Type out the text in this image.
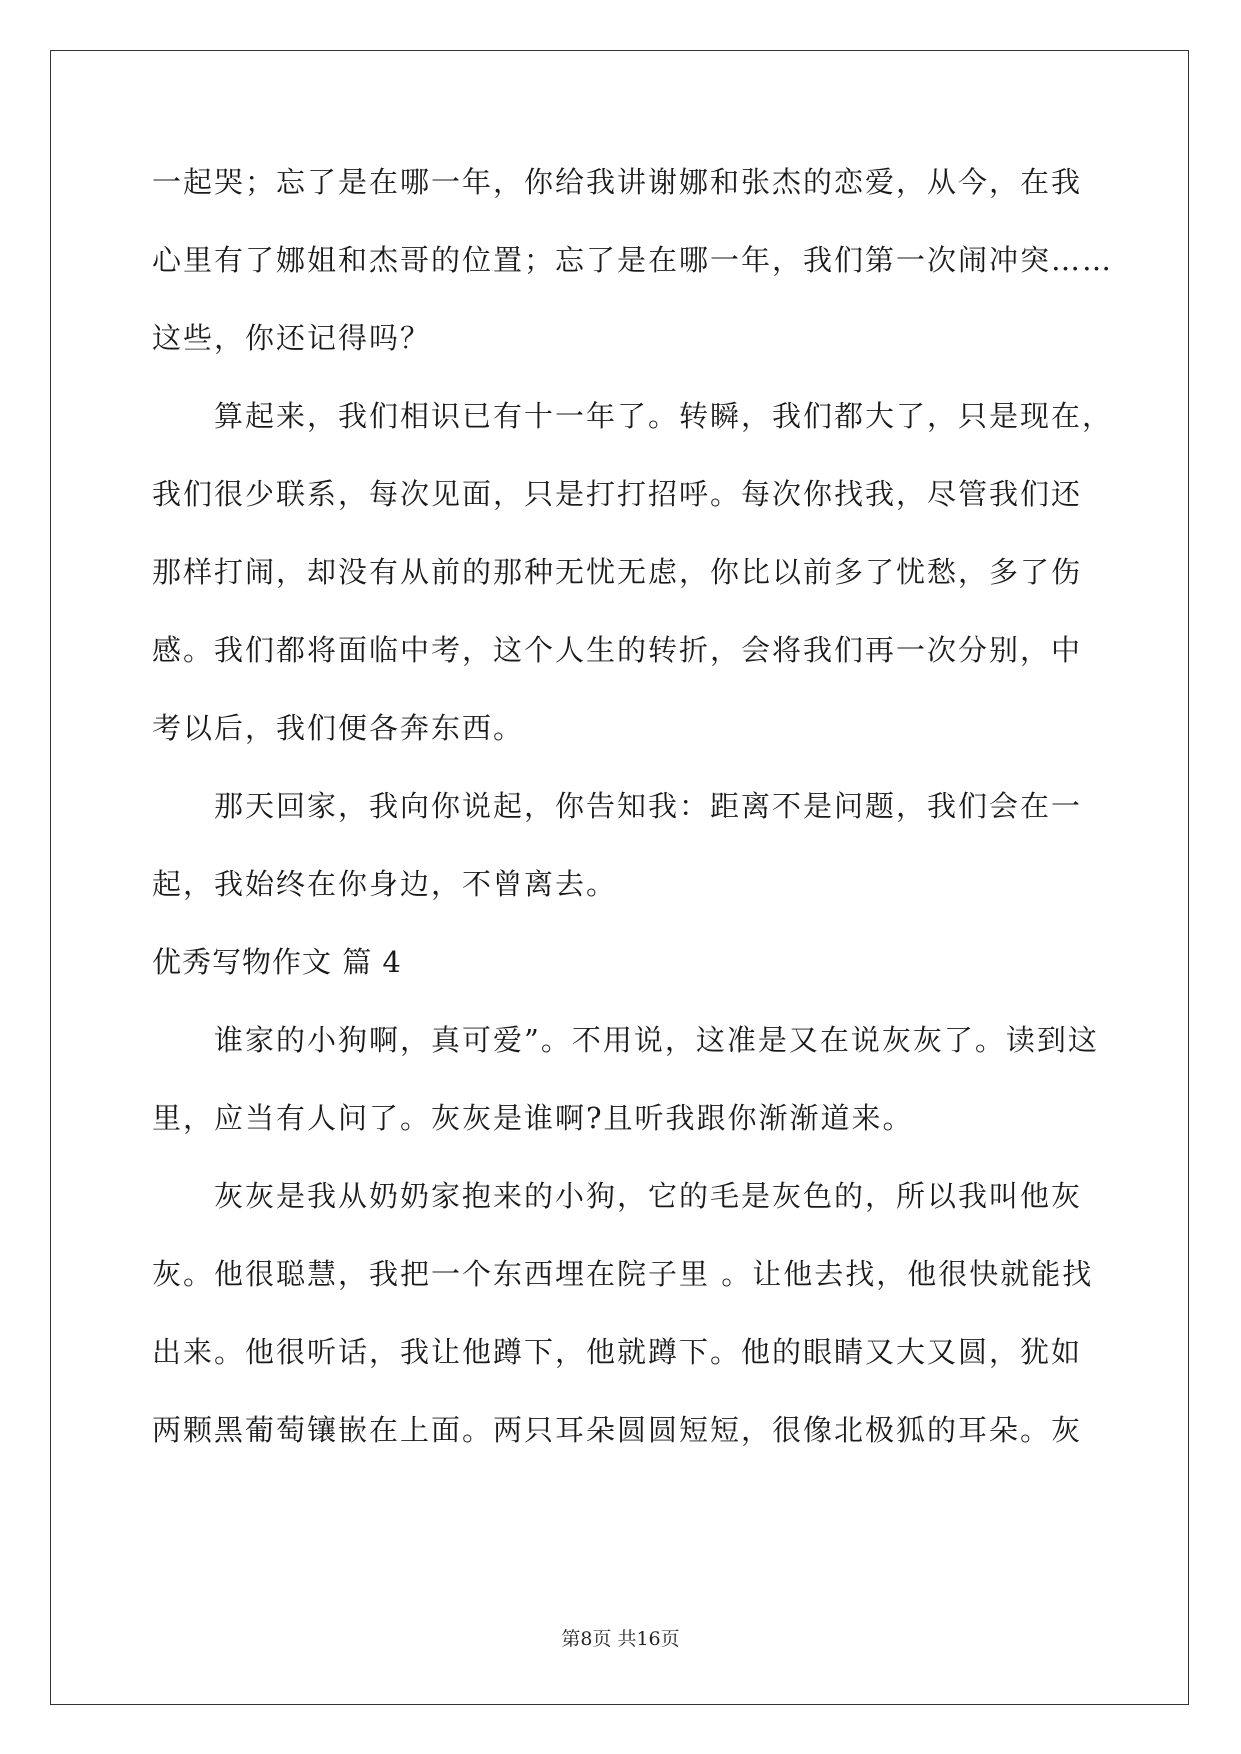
一起哭；忘了是在哪一年，你给我讲谢娜和张杰的恋爱，从今，在我
心里有了娜姐和杰哥的位置；忘了是在哪一年，我们第一次闹冲突……
这些，你还记得吗？
算起来，我们相识已有十一年了。转瞬，我们都大了，只是现在，
我们很少联系，每次见面，只是打打招呼。每次你找我，尽管我们还
那样打闹，却没有从前的那种无忧无虑，你比以前多了忧愁，多了伤
感。我们都将面临中考，这个人生的转折，会将我们再一次分别，中
考以后，我们便各奔东西。
那天回家，我向你说起，你告知我：距离不是问题，我们会在一
起，我始终在你身边，不曾离去。
优秀写物作文 篇 4
谁家的小狗啊，真可爱”。不用说，这准是又在说灰灰了。读到这
里，应当有人问了。灰灰是谁啊?且听我跟你渐渐道来。
灰灰是我从奶奶家抱来的小狗，它的毛是灰色的，所以我叫他灰
灰。他很聪慧，我把一个东西埋在院子里 。让他去找，他很快就能找
出来。他很听话，我让他蹲下，他就蹲下。他的眼睛又大又圆，犹如
两颗黑葡萄镶嵌在上面。两只耳朵圆圆短短，很像北极狐的耳朵。灰
第8页 共16页
